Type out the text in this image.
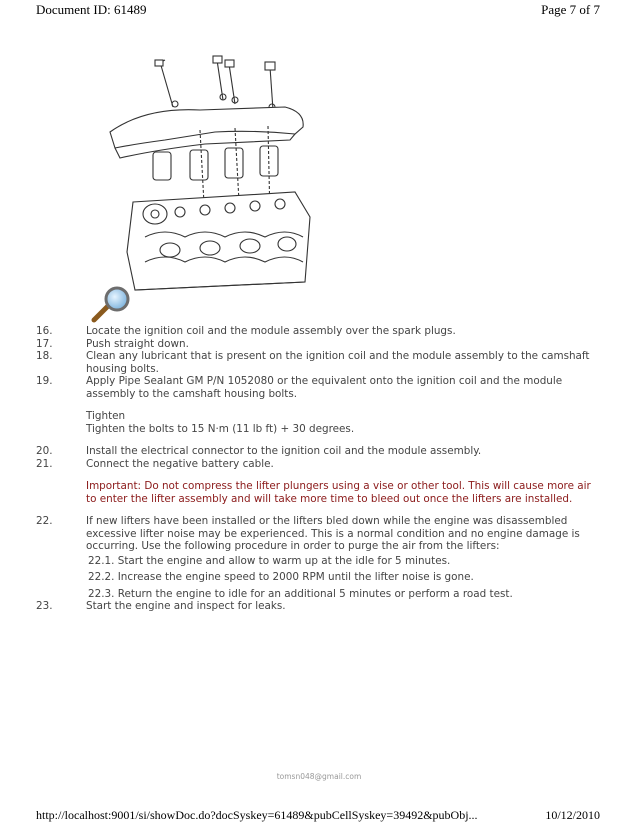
Document ID: 61489	Page 7 of 7
16.	Locate the ignition coil and the module assembly over the spark plugs.
17.	Push straight down.
18.	Clean any lubricant that is present on the ignition coil and the module assembly to the camshaft housing bolts.
19.	Apply Pipe Sealant GM P/N 1052080 or the equivalent onto the ignition coil and the module assembly to the camshaft housing bolts.
Tighten
Tighten the bolts to 15 N·m (11 lb ft) + 30 degrees.
20.	Install the electrical connector to the ignition coil and the module assembly.
21.	Connect the negative battery cable.
Important: Do not compress the lifter plungers using a vise or other tool. This will cause more air to enter the lifter assembly and will take more time to bleed out once the lifters are installed.
22.	If new lifters have been installed or the lifters bled down while the engine was disassembled excessive lifter noise may be experienced. This is a normal condition and no engine damage is occurring. Use the following procedure in order to purge the air from the lifters:
22.1. Start the engine and allow to warm up at the idle for 5 minutes.
22.2. Increase the engine speed to 2000 RPM until the lifter noise is gone.
22.3. Return the engine to idle for an additional 5 minutes or perform a road test.
23.	Start the engine and inspect for leaks.
tomsn048@gmail.com
http://localhost:9001/si/showDoc.do?docSyskey=61489&pubCellSyskey=39492&pubObj...	10/12/2010
